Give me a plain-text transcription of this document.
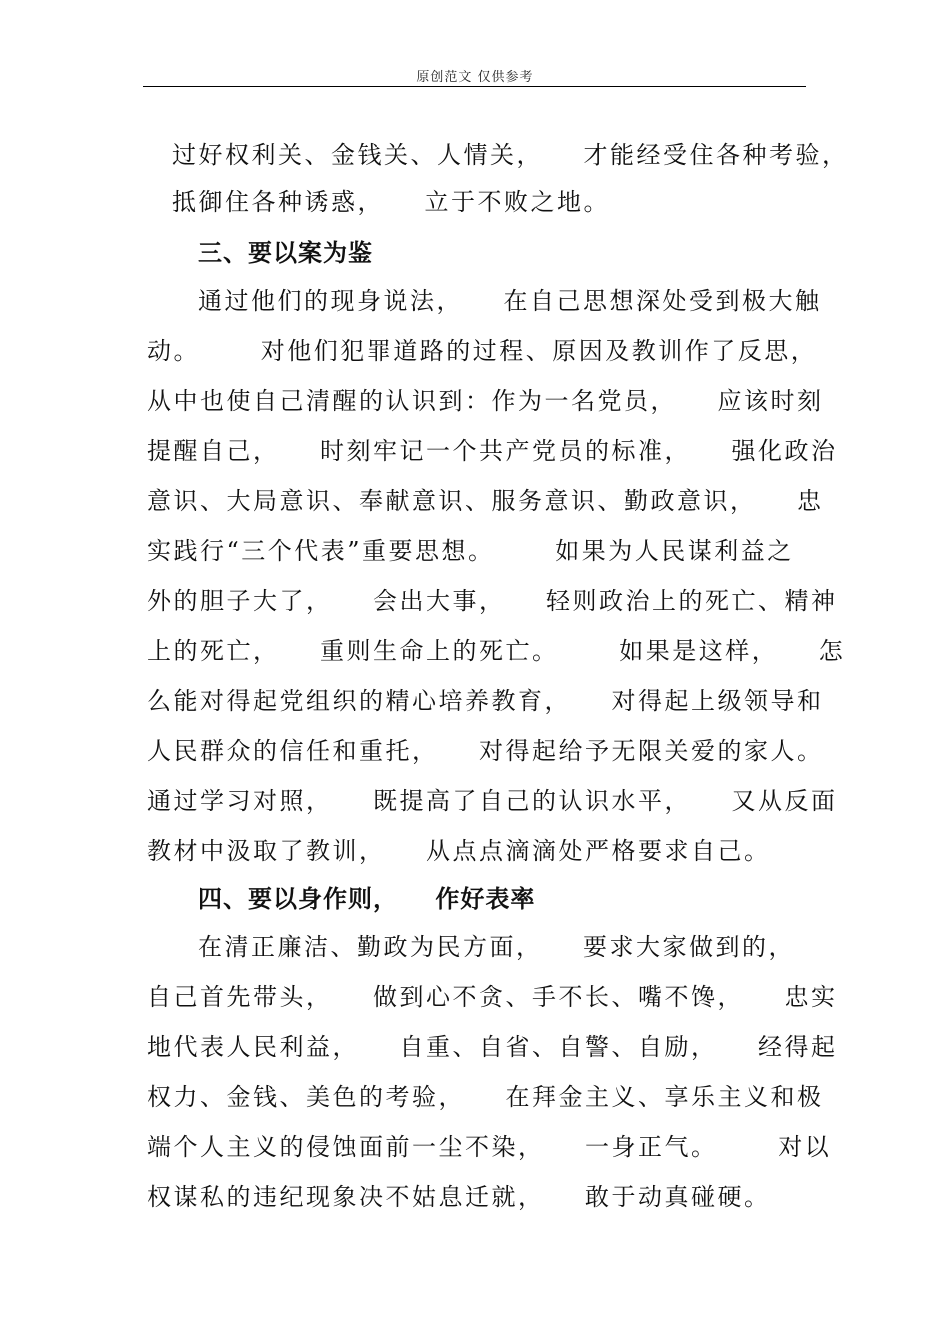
原创范文 仅供参考
过好权利关、金钱关、人情关，    才能经受住各种考验，
抵御住各种诱惑，    立于不败之地。
三、要以案为鉴
通过他们的现身说法，    在自己思想深处受到极大触
动。      对他们犯罪道路的过程、原因及教训作了反思，
从中也使自己清醒的认识到：作为一名党员，    应该时刻
提醒自己，    时刻牢记一个共产党员的标准，    强化政治
意识、大局意识、奉献意识、服务意识、勤政意识，    忠
实践行“三个代表”重要思想。      如果为人民谋利益之
外的胆子大了，    会出大事，    轻则政治上的死亡、精神
上的死亡，    重则生命上的死亡。      如果是这样，    怎
么能对得起党组织的精心培养教育，    对得起上级领导和
人民群众的信任和重托，    对得起给予无限关爱的家人。
通过学习对照，    既提高了自己的认识水平，    又从反面
教材中汲取了教训，    从点点滴滴处严格要求自己。
四、要以身作则，    作好表率
在清正廉洁、勤政为民方面，    要求大家做到的，
自己首先带头，    做到心不贪、手不长、嘴不馋，    忠实
地代表人民利益，    自重、自省、自警、自励，    经得起
权力、金钱、美色的考验，    在拜金主义、享乐主义和极
端个人主义的侵蚀面前一尘不染，    一身正气。      对以
权谋私的违纪现象决不姑息迁就，    敢于动真碰硬。
